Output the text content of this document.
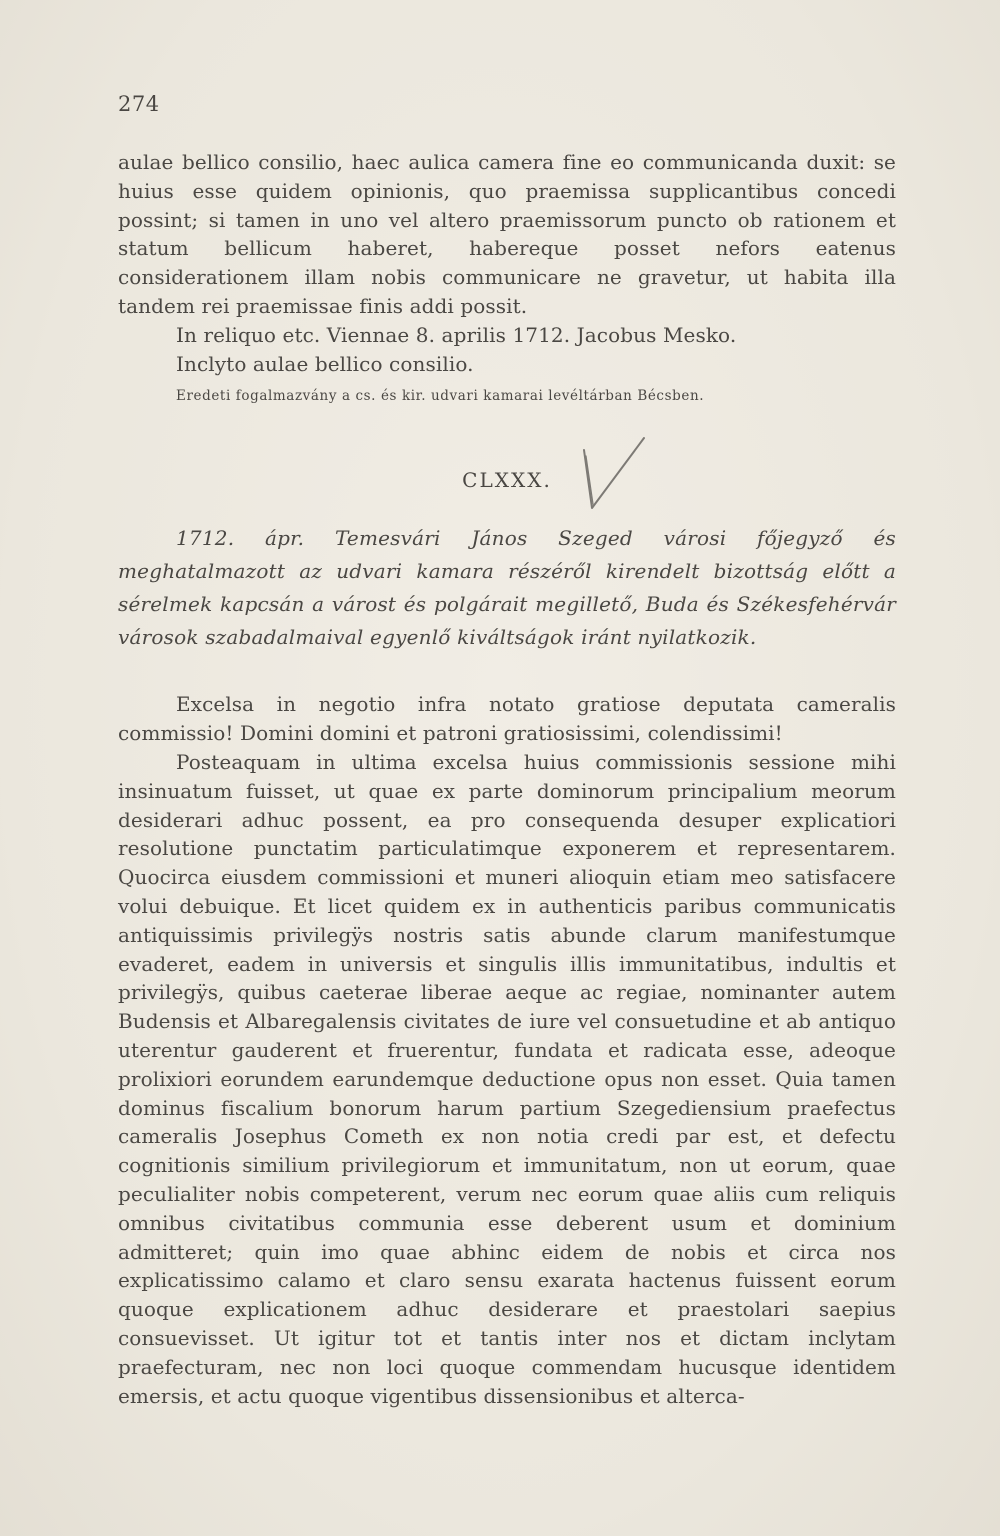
274

aulae bellico consilio, haec aulica camera fine eo communicanda duxit: se huius esse quidem opinionis, quo praemissa supplicantibus concedi possint; si tamen in uno vel altero praemissorum puncto ob rationem et statum bellicum haberet, habereque posset nefors eatenus considerationem illam nobis communicare ne gravetur, ut habita illa tandem rei praemissae finis addi possit.

In reliquo etc. Viennae 8. aprilis 1712. Jacobus Mesko.

Inclyto aulae bellico consilio.

Eredeti fogalmazvány a cs. és kir. udvari kamarai levéltárban Bécsben.

CLXXX.

1712. ápr. Temesvári János Szeged városi főjegyző és meghatalmazott az udvari kamara részéről kirendelt bizottság előtt a sérelmek kapcsán a várost és polgárait megillető, Buda és Székesfehérvár városok szabadalmaival egyenlő kiváltságok iránt nyilatkozik.

Excelsa in negotio infra notato gratiose deputata cameralis commissio! Domini domini et patroni gratiosissimi, colendissimi!

Posteaquam in ultima excelsa huius commissionis sessione mihi insinuatum fuisset, ut quae ex parte dominorum principalium meorum desiderari adhuc possent, ea pro consequenda desuper explicatiori resolutione punctatim particulatimque exponerem et representarem. Quocirca eiusdem commissioni et muneri alioquin etiam meo satisfacere volui debuique. Et licet quidem ex in authenticis paribus communicatis antiquissimis privilegÿs nostris satis abunde clarum manifestumque evaderet, eadem in universis et singulis illis immunitatibus, indultis et privilegÿs, quibus caeterae liberae aeque ac regiae, nominanter autem Budensis et Albaregalensis civitates de iure vel consuetudine et ab antiquo uterentur gauderent et fruerentur, fundata et radicata esse, adeoque prolixiori eorundem earundemque deductione opus non esset. Quia tamen dominus fiscalium bonorum harum partium Szegediensium praefectus cameralis Josephus Cometh ex non notia credi par est, et defectu cognitionis similium privilegiorum et immunitatum, non ut eorum, quae peculialiter nobis competerent, verum nec eorum quae aliis cum reliquis omnibus civitatibus communia esse deberent usum et dominium admitteret; quin imo quae abhinc eidem de nobis et circa nos explicatissimo calamo et claro sensu exarata hactenus fuissent eorum quoque explicationem adhuc desiderare et praestolari saepius consuevisset. Ut igitur tot et tantis inter nos et dictam inclytam praefecturam, nec non loci quoque commendam hucusque identidem emersis, et actu quoque vigentibus dissensionibus et alterca-
